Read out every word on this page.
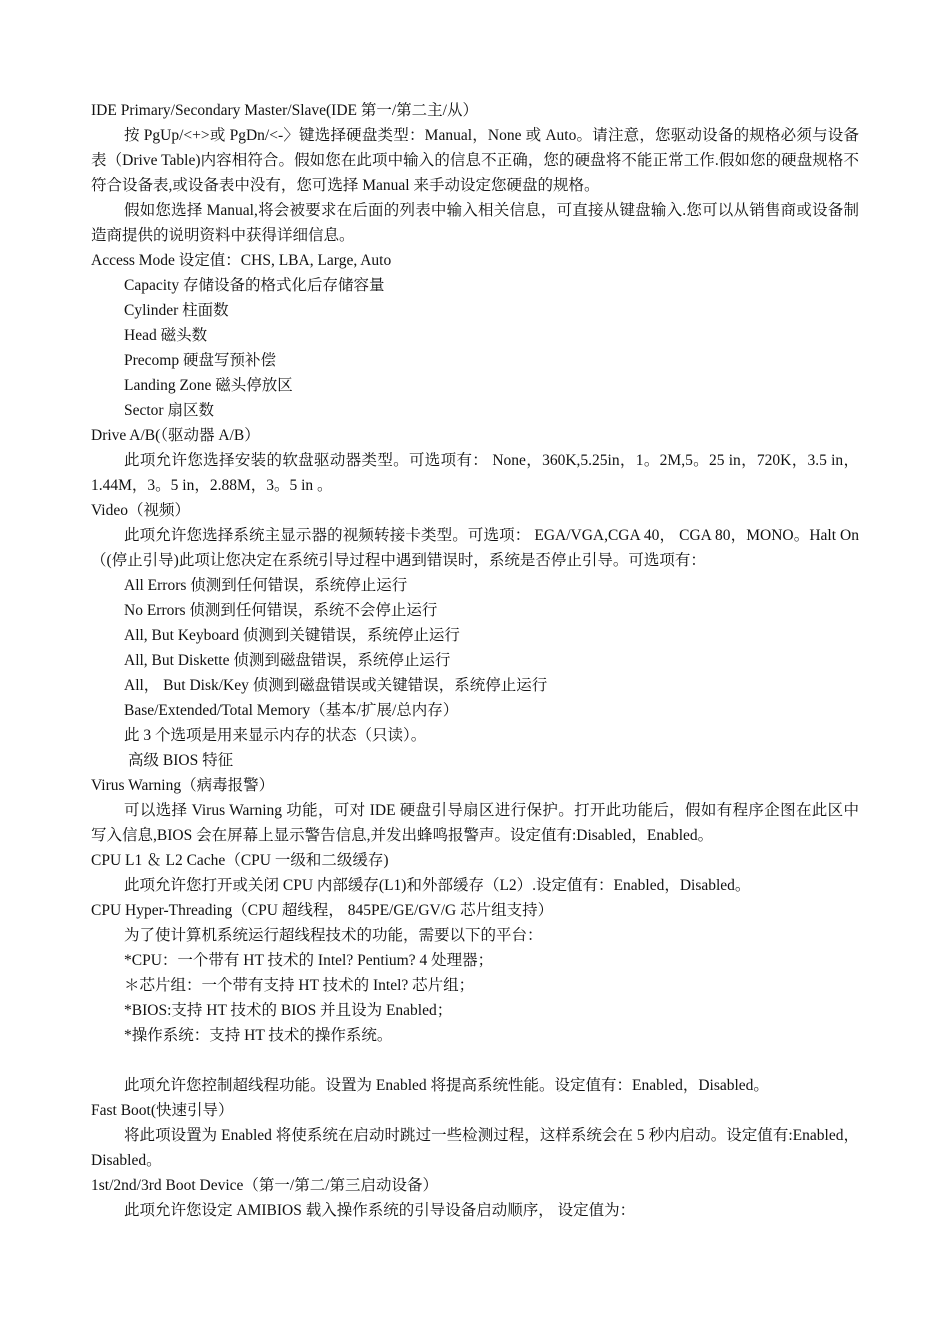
IDE Primary/Secondary Master/Slave(IDE 第一/第二主/从）
按 PgUp/<+>或 PgDn/<-〉键选择硬盘类型：Manual，None 或 Auto。请注意，您驱动设备的规格必须与设备表（Drive Table)内容相符合。假如您在此项中输入的信息不正确，您的硬盘将不能正常工作.假如您的硬盘规格不符合设备表,或设备表中没有，您可选择 Manual 来手动设定您硬盘的规格。
假如您选择 Manual,将会被要求在后面的列表中输入相关信息，可直接从键盘输入.您可以从销售商或设备制造商提供的说明资料中获得详细信息。
Access Mode 设定值：CHS, LBA, Large, Auto
Capacity 存储设备的格式化后存储容量
Cylinder 柱面数
Head 磁头数
Precomp 硬盘写预补偿
Landing Zone 磁头停放区
Sector 扇区数
Drive A/B(（驱动器 A/B）
此项允许您选择安装的软盘驱动器类型。可选项有： None，360K,5.25in，1。2M,5。25 in，720K，3.5 in，1.44M，3。5 in，2.88M，3。5 in 。
Video（视频）
此项允许您选择系统主显示器的视频转接卡类型。可选项： EGA/VGA,CGA 40， CGA 80，MONO。Halt On（(停止引导)此项让您决定在系统引导过程中遇到错误时，系统是否停止引导。可选项有：
All Errors 侦测到任何错误，系统停止运行
No Errors 侦测到任何错误，系统不会停止运行
All, But Keyboard 侦测到关键错误，系统停止运行
All, But Diskette 侦测到磁盘错误，系统停止运行
All， But Disk/Key 侦测到磁盘错误或关键错误，系统停止运行
Base/Extended/Total Memory（基本/扩展/总内存）
此 3 个选项是用来显示内存的状态（只读）。
高级 BIOS 特征
Virus Warning（病毒报警）
可以选择 Virus Warning 功能，可对 IDE 硬盘引导扇区进行保护。打开此功能后，假如有程序企图在此区中写入信息,BIOS 会在屏幕上显示警告信息,并发出蜂鸣报警声。设定值有:Disabled，Enabled。
CPU L1 ＆ L2 Cache（CPU 一级和二级缓存)
此项允许您打开或关闭 CPU 内部缓存(L1)和外部缓存（L2）.设定值有：Enabled，Disabled。
CPU Hyper-Threading（CPU 超线程， 845PE/GE/GV/G 芯片组支持）
为了使计算机系统运行超线程技术的功能，需要以下的平台：
*CPU：一个带有 HT 技术的 Intel? Pentium? 4 处理器；
＊芯片组：一个带有支持 HT 技术的 Intel? 芯片组；
*BIOS:支持 HT 技术的 BIOS 并且设为 Enabled；
*操作系统：支持 HT 技术的操作系统。
此项允许您控制超线程功能。设置为 Enabled 将提高系统性能。设定值有：Enabled，Disabled。
Fast Boot(快速引导）
将此项设置为 Enabled 将使系统在启动时跳过一些检测过程，这样系统会在 5 秒内启动。设定值有:Enabled，Disabled。
1st/2nd/3rd Boot Device（第一/第二/第三启动设备）
此项允许您设定 AMIBIOS 载入操作系统的引导设备启动顺序， 设定值为：
